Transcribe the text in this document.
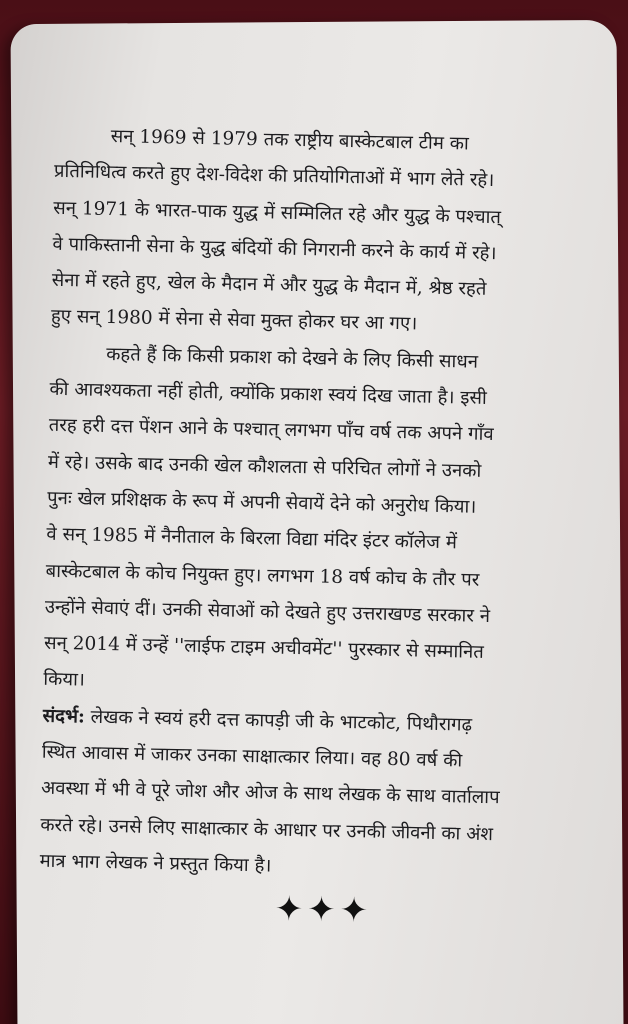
सन् 1969 से 1979 तक राष्ट्रीय बास्केटबाल टीम का
प्रतिनिधित्व करते हुए देश-विदेश की प्रतियोगिताओं में भाग लेते रहे।
सन् 1971 के भारत-पाक युद्ध में सम्मिलित रहे और युद्ध के पश्चात्
वे पाकिस्तानी सेना के युद्ध बंदियों की निगरानी करने के कार्य में रहे।
सेना में रहते हुए, खेल के मैदान में और युद्ध के मैदान में, श्रेष्ठ रहते
हुए सन् 1980 में सेना से सेवा मुक्त होकर घर आ गए।

कहते हैं कि किसी प्रकाश को देखने के लिए किसी साधन
की आवश्यकता नहीं होती, क्योंकि प्रकाश स्वयं दिख जाता है। इसी
तरह हरी दत्त पेंशन आने के पश्चात् लगभग पाँच वर्ष तक अपने गाँव
में रहे। उसके बाद उनकी खेल कौशलता से परिचित लोगों ने उनको
पुनः खेल प्रशिक्षक के रूप में अपनी सेवायें देने को अनुरोध किया।
वे सन् 1985 में नैनीताल के बिरला विद्या मंदिर इंटर कॉलेज में
बास्केटबाल के कोच नियुक्त हुए। लगभग 18 वर्ष कोच के तौर पर
उन्होंने सेवाएं दीं। उनकी सेवाओं को देखते हुए उत्तराखण्ड सरकार ने
सन् 2014 में उन्हें ''लाईफ टाइम अचीवमेंट'' पुरस्कार से सम्मानित
किया।

संदर्भ: लेखक ने स्वयं हरी दत्त कापड़ी जी के भाटकोट, पिथौरागढ़
स्थित आवास में जाकर उनका साक्षात्कार लिया। वह 80 वर्ष की
अवस्था में भी वे पूरे जोश और ओज के साथ लेखक के साथ वार्तालाप
करते रहे। उनसे लिए साक्षात्कार के आधार पर उनकी जीवनी का अंश
मात्र भाग लेखक ने प्रस्तुत किया है।

✦✦✦
